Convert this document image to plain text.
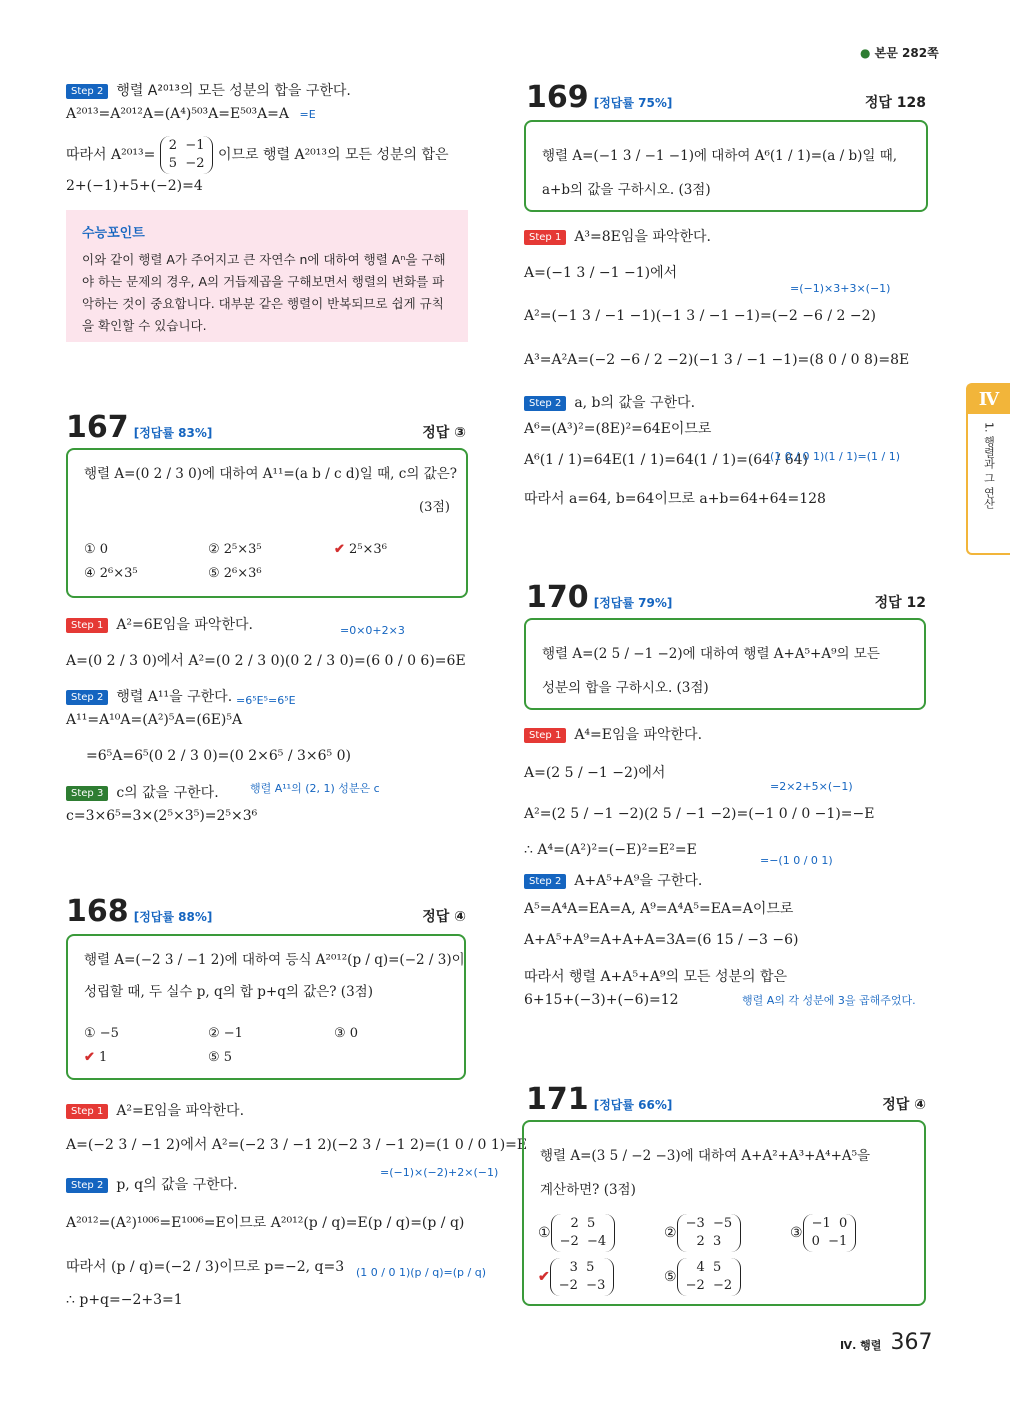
● 본문 282쪽
Step 2 행렬 A²⁰¹³의 모든 성분의 합을 구한다.
A²⁰¹³=A²⁰¹²A=(A⁴)⁵⁰³A=E⁵⁰³A=A =E
따라서 A²⁰¹³= 2 −1
5 −2 이므로 행렬 A²⁰¹³의 모든 성분의 합은
2+(−1)+5+(−2)=4
수능포인트
이와 같이 행렬 A가 주어지고 큰 자연수 n에 대하여 행렬 Aⁿ을 구해야 하는 문제의 경우, A의 거듭제곱을 구해보면서 행렬의 변화를 파악하는 것이 중요합니다. 대부분 같은 행렬이 반복되므로 쉽게 규칙을 확인할 수 있습니다.
167 [정답률 83%]	정답 ③
행렬 A=(0 2 / 3 0)에 대하여 A¹¹=(a b / c d)일 때, c의 값은?
(3점)
① 0	② 2⁵×3⁵	✔ 2⁵×3⁶
④ 2⁶×3⁵	⑤ 2⁶×3⁶
Step 1 A²=6E임을 파악한다.	=0×0+2×3
A=(0 2 / 3 0)에서 A²=(0 2 / 3 0)(0 2 / 3 0)=(6 0 / 0 6)=6E
Step 2 행렬 A¹¹을 구한다. =6⁵E⁵=6⁵E
A¹¹=A¹⁰A=(A²)⁵A=(6E)⁵A
=6⁵A=6⁵(0 2 / 3 0)=(0 2×6⁵ / 3×6⁵ 0)
Step 3 c의 값을 구한다.	행렬 A¹¹의 (2, 1) 성분은 c
c=3×6⁵=3×(2⁵×3⁵)=2⁵×3⁶
168 [정답률 88%]	정답 ④
행렬 A=(−2 3 / −1 2)에 대하여 등식 A²⁰¹²(p / q)=(−2 / 3)이
성립할 때, 두 실수 p, q의 합 p+q의 값은? (3점)
① −5	② −1	③ 0
✔ 1	⑤ 5
Step 1 A²=E임을 파악한다.
A=(−2 3 / −1 2)에서 A²=(−2 3 / −1 2)(−2 3 / −1 2)=(1 0 / 0 1)=E
=(−1)×(−2)+2×(−1)
Step 2 p, q의 값을 구한다.
A²⁰¹²=(A²)¹⁰⁰⁶=E¹⁰⁰⁶=E이므로 A²⁰¹²(p / q)=E(p / q)=(p / q)
따라서 (p / q)=(−2 / 3)이므로 p=−2, q=3 (1 0 / 0 1)(p / q)=(p / q)
∴ p+q=−2+3=1
169 [정답률 75%]	정답 128
행렬 A=(−1 3 / −1 −1)에 대하여 A⁶(1 / 1)=(a / b)일 때,
a+b의 값을 구하시오. (3점)
Step 1 A³=8E임을 파악한다.
A=(−1 3 / −1 −1)에서
=(−1)×3+3×(−1)
A²=(−1 3 / −1 −1)(−1 3 / −1 −1)=(−2 −6 / 2 −2)
A³=A²A=(−2 −6 / 2 −2)(−1 3 / −1 −1)=(8 0 / 0 8)=8E
Step 2 a, b의 값을 구한다.
A⁶=(A³)²=(8E)²=64E이므로
A⁶(1 / 1)=64E(1 / 1)=64(1 / 1)=(64 / 64)
(1 0 / 0 1)(1 / 1)=(1 / 1)
따라서 a=64, b=64이므로 a+b=64+64=128
Ⅳ
1. 행렬과 그 연산
170 [정답률 79%]	정답 12
행렬 A=(2 5 / −1 −2)에 대하여 행렬 A+A⁵+A⁹의 모든
성분의 합을 구하시오. (3점)
Step 1 A⁴=E임을 파악한다.
A=(2 5 / −1 −2)에서
=2×2+5×(−1)
A²=(2 5 / −1 −2)(2 5 / −1 −2)=(−1 0 / 0 −1)=−E
∴ A⁴=(A²)²=(−E)²=E²=E
=−(1 0 / 0 1)
Step 2 A+A⁵+A⁹을 구한다.
A⁵=A⁴A=EA=A, A⁹=A⁴A⁵=EA=A이므로
A+A⁵+A⁹=A+A+A=3A=(6 15 / −3 −6)
따라서 행렬 A+A⁵+A⁹의 모든 성분의 합은
6+15+(−3)+(−6)=12	행렬 A의 각 성분에 3을 곱해주었다.
171 [정답률 66%]	정답 ④
행렬 A=(3 5 / −2 −3)에 대하여 A+A²+A³+A⁴+A⁵을
계산하면? (3점)
①2 5
−2 −4
②−3 −5
2 3
③−1 0
0 −1
✔3 5
−2 −3
⑤4 5
−2 −2
Ⅳ. 행렬 367
